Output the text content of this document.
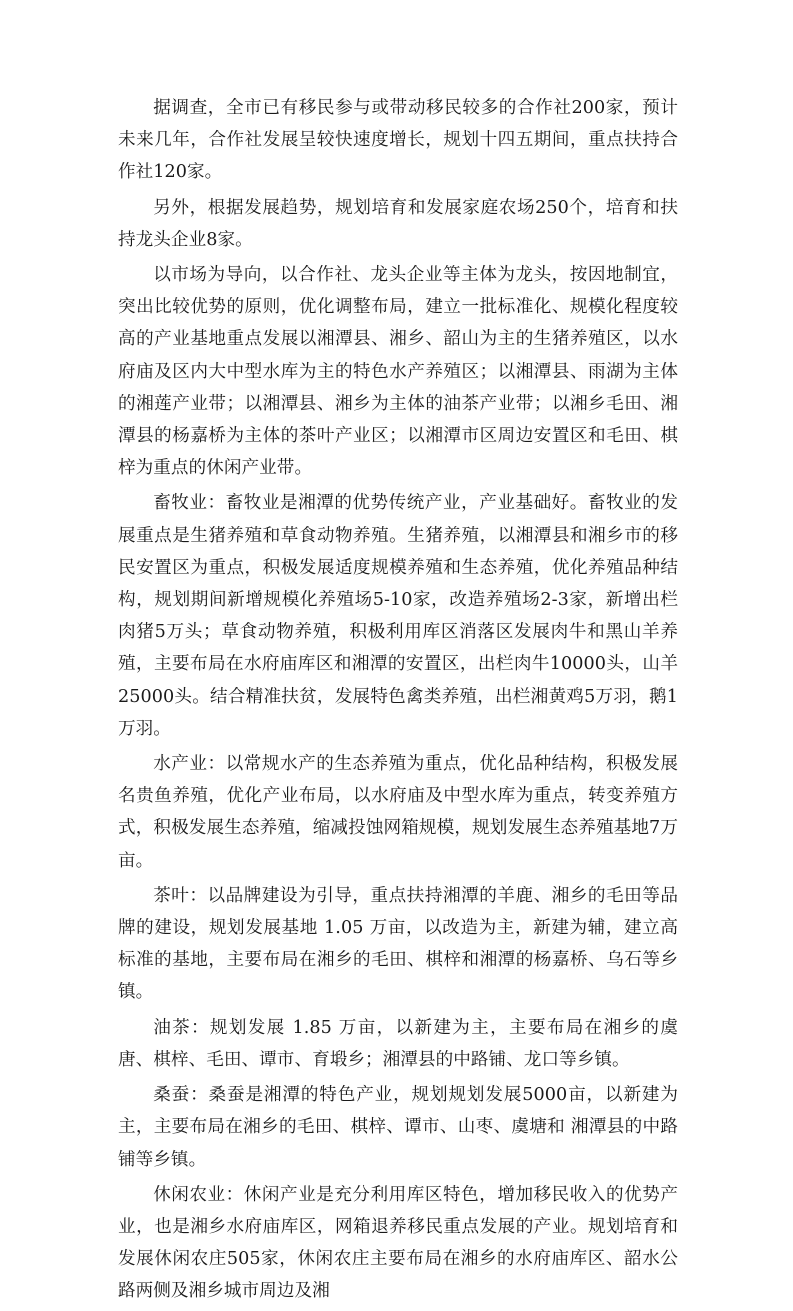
据调查，全市已有移民参与或带动移民较多的合作社200家，预计未来几年，合作社发展呈较快速度增长，规划十四五期间，重点扶持合作社120家。

另外，根据发展趋势，规划培育和发展家庭农场250个，培育和扶持龙头企业8家。

以市场为导向，以合作社、龙头企业等主体为龙头，按因地制宜，突出比较优势的原则，优化调整布局，建立一批标准化、规模化程度较高的产业基地重点发展以湘潭县、湘乡、韶山为主的生猪养殖区，以水府庙及区内大中型水库为主的特色水产养殖区；以湘潭县、雨湖为主体的湘莲产业带；以湘潭县、湘乡为主体的油茶产业带；以湘乡毛田、湘潭县的杨嘉桥为主体的茶叶产业区；以湘潭市区周边安置区和毛田、棋梓为重点的休闲产业带。

畜牧业：畜牧业是湘潭的优势传统产业，产业基础好。畜牧业的发展重点是生猪养殖和草食动物养殖。生猪养殖，以湘潭县和湘乡市的移民安置区为重点，积极发展适度规模养殖和生态养殖，优化养殖品种结构，规划期间新增规模化养殖场5-10家，改造养殖场2-3家，新增出栏肉猪5万头；草食动物养殖，积极利用库区消落区发展肉牛和黑山羊养殖，主要布局在水府庙库区和湘潭的安置区，出栏肉牛10000头，山羊25000头。结合精准扶贫，发展特色禽类养殖，出栏湘黄鸡5万羽，鹅1万羽。

水产业：以常规水产的生态养殖为重点，优化品种结构，积极发展名贵鱼养殖，优化产业布局，以水府庙及中型水库为重点，转变养殖方式，积极发展生态养殖，缩减投蚀网箱规模，规划发展生态养殖基地7万亩。

茶叶：以品牌建设为引导，重点扶持湘潭的羊鹿、湘乡的毛田等品牌的建设，规划发展基地 1.05 万亩，以改造为主，新建为辅，建立高标准的基地，主要布局在湘乡的毛田、棋梓和湘潭的杨嘉桥、乌石等乡镇。

油茶：规划发展 1.85 万亩，以新建为主，主要布局在湘乡的虞唐、棋梓、毛田、谭市、育塅乡；湘潭县的中路铺、龙口等乡镇。

桑蚕：桑蚕是湘潭的特色产业，规划规划发展5000亩，以新建为主，主要布局在湘乡的毛田、棋梓、谭市、山枣、虞塘和 湘潭县的中路铺等乡镇。

休闲农业：休闲产业是充分利用库区特色，增加移民收入的优势产业，也是湘乡水府庙库区，网箱退养移民重点发展的产业。规划培育和发展休闲农庄505家，休闲农庄主要布局在湘乡的水府庙库区、韶水公路两侧及湘乡城市周边及湘
